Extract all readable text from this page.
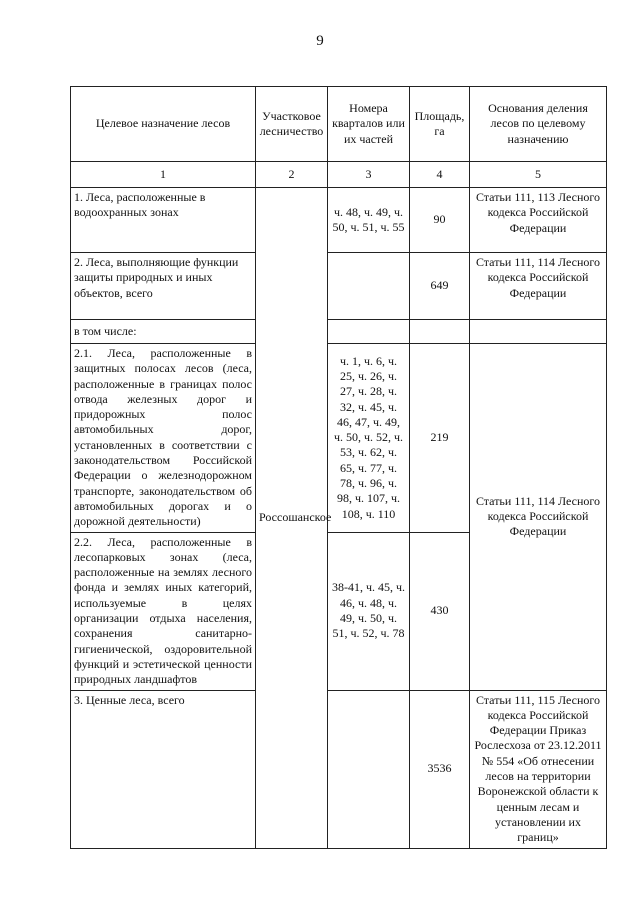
9
Целевое назначение лесов	Участковое лесничество	Номера кварталов или их частей	Площадь, га	Основания деления лесов по целевому назначению
1	2	3	4	5
1. Леса, расположенные в водоохранных зонах	Россошанское	ч. 48, ч. 49, ч. 50, ч. 51, ч. 55	90	Статьи 111, 113 Лесного кодекса Российской Федерации
2. Леса, выполняющие функции защиты природных и иных объектов, всего			649	Статьи 111, 114 Лесного кодекса Российской Федерации
в том числе:				
2.1. Леса, расположенные в защитных полосах лесов (леса, расположенные в границах полос отвода железных дорог и придорожных полос автомобильных дорог, установленных в соответствии с законодательством Российской Федерации о железнодорожном транспорте, законодательством об автомобильных дорогах и о дорожной деятельности)		ч. 1, ч. 6, ч. 25, ч. 26, ч. 27, ч. 28, ч. 32, ч. 45, ч. 46, 47, ч. 49, ч. 50, ч. 52, ч. 53, ч. 62, ч. 65, ч. 77, ч. 78, ч. 96, ч. 98, ч. 107, ч. 108, ч. 110	219	Статьи 111, 114 Лесного кодекса Российской Федерации
2.2. Леса, расположенные в лесопарковых зонах (леса, расположенные на землях лесного фонда и землях иных категорий, используемые в целях организации отдыха населения, сохранения санитарно-гигиенической, оздоровительной функций и эстетической ценности природных ландшафтов		38-41, ч. 45, ч. 46, ч. 48, ч. 49, ч. 50, ч. 51, ч. 52, ч. 78	430	
3. Ценные леса, всего			3536	Статьи 111, 115 Лесного кодекса Российской Федерации Приказ Рослесхоза от 23.12.2011 № 554 «Об отнесении лесов на территории Воронежской области к ценным лесам и установлении их границ»
